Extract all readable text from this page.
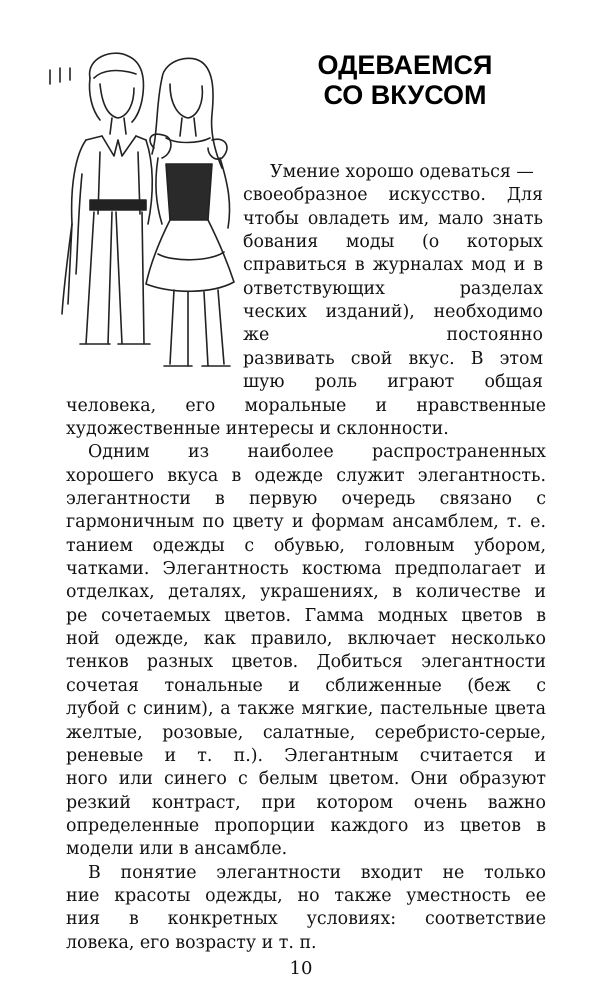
ОДЕВАЕМСЯ
СО ВКУСОМ
Умение хорошо одеваться —
своеобразное искусство. Для
чтобы овладеть им, мало знать
бования моды (о которых
справиться в журналах мод и в
ответствующих разделах
ческих изданий), необходимо
же постоянно
развивать свой вкус. В этом
шую роль играют общая
человека, его моральные и нравственные
художественные интересы и склонности.
Одним из наиболее распространенных
хорошего вкуса в одежде служит элегантность.
элегантности в первую очередь связано с
гармоничным по цвету и формам ансамблем, т. е.
танием одежды с обувью, головным убором,
чатками. Элегантность костюма предполагает и
отделках, деталях, украшениях, в количестве и
ре сочетаемых цветов. Гамма модных цветов в
ной одежде, как правило, включает несколько
тенков разных цветов. Добиться элегантности
сочетая тональные и сближенные (беж с
лубой с синим), а также мягкие, пастельные цвета
желтые, розовые, салатные, серебристо-серые,
реневые и т. п.). Элегантным считается и
ного или синего с белым цветом. Они образуют
резкий контраст, при котором очень важно
определенные пропорции каждого из цветов в
модели или в ансамбле.
В понятие элегантности входит не только
ние красоты одежды, но также уместность ее
10
ния в конкретных условиях: соответствие
ловека, его возрасту и т. п.
